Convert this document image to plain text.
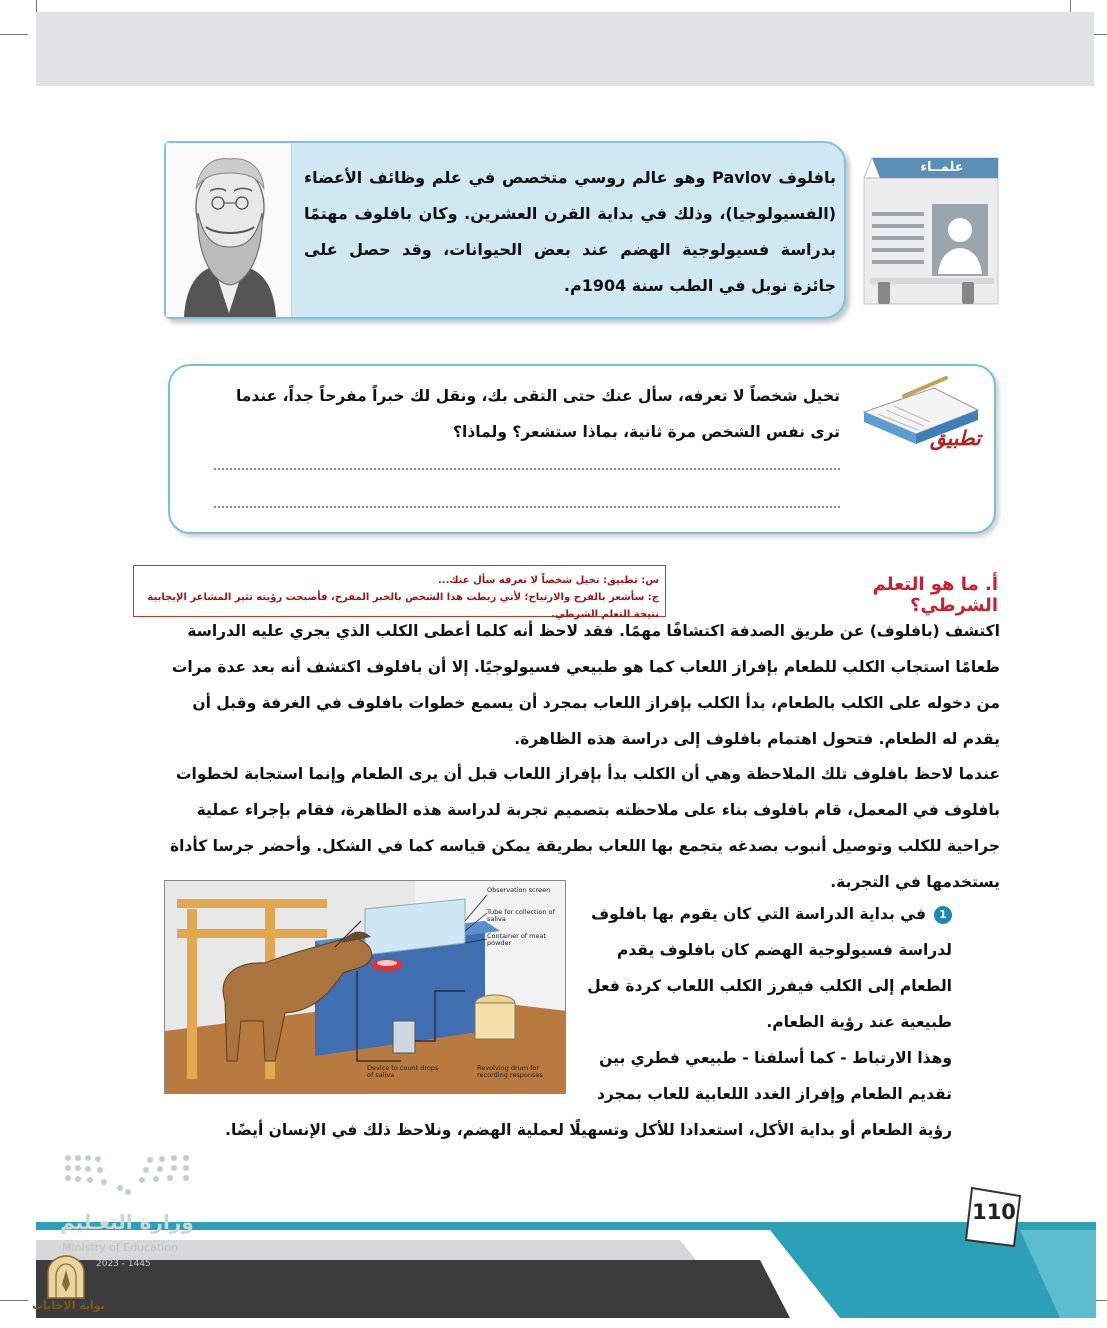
بافلوف Pavlov وهو عالم روسي متخصص في علم وظائف الأعضاء (الفسيولوجيا)، وذلك في بداية القرن العشرين. وكان بافلوف مهتمًا بدراسة فسيولوجية الهضم عند بعض الحيوانات، وقد حصل على جائزة نوبل في الطب سنة 1904م.
علمــاء
تخيل شخصاً لا تعرفه، سأل عنك حتى التقى بك، ونقل لك خبراً مفرحاً جداً، عندما ترى نفس الشخص مرة ثانية، بماذا ستشعر؟ ولماذا؟	تطبيق
أ. ما هو التعلم الشرطي؟
س: تطبيق: تخيل شخصاً لا تعرفه سأل عنك...
ج: سأشعر بالفرح والارتياح؛ لأني ربطت هذا الشخص بالخبر المفرح، فأصبحت رؤيته تثير المشاعر الإيجابية نتيجة التعلم الشرطي.
اكتشف (بافلوف) عن طريق الصدفة اكتشافًا مهمًا. فقد لاحظ أنه كلما أعطى الكلب الذي يجري عليه الدراسة طعامًا استجاب الكلب للطعام بإفراز اللعاب كما هو طبيعي فسيولوجيًا. إلا أن بافلوف اكتشف أنه بعد عدة مرات من دخوله على الكلب بالطعام، بدأ الكلب بإفراز اللعاب بمجرد أن يسمع خطوات بافلوف في الغرفة وقبل أن يقدم له الطعام. فتحول اهتمام بافلوف إلى دراسة هذه الظاهرة.
عندما لاحظ بافلوف تلك الملاحظة وهي أن الكلب بدأ بإفراز اللعاب قبل أن يرى الطعام وإنما استجابة لخطوات بافلوف في المعمل، قام بافلوف بناء على ملاحظته بتصميم تجربة لدراسة هذه الظاهرة، فقام بإجراء عملية جراحية للكلب وتوصيل أنبوب بصدغه يتجمع بها اللعاب بطريقة يمكن قياسه كما في الشكل. وأحضر جرسا كأداة يستخدمها في التجربة.
1في بداية الدراسة التي كان يقوم بها بافلوف لدراسة فسيولوجية الهضم كان بافلوف يقدم الطعام إلى الكلب فيفرز الكلب اللعاب كردة فعل طبيعية عند رؤية الطعام.
وهذا الارتباط - كما أسلفنا - طبيعي فطري بين تقديم الطعام وإفراز الغدد اللعابية للعاب بمجرد
رؤية الطعام أو بداية الأكل، استعدادا للأكل وتسهيلًا لعملية الهضم، ونلاحظ ذلك في الإنسان أيضًا.
Observation screen
Tube for collection of saliva
Container of meat powder
Device to count drops of saliva
Revolving drum for recording responses
110
وزارة التعـليم
Ministry of Education
2023 - 1445
بوابة الإجابات
